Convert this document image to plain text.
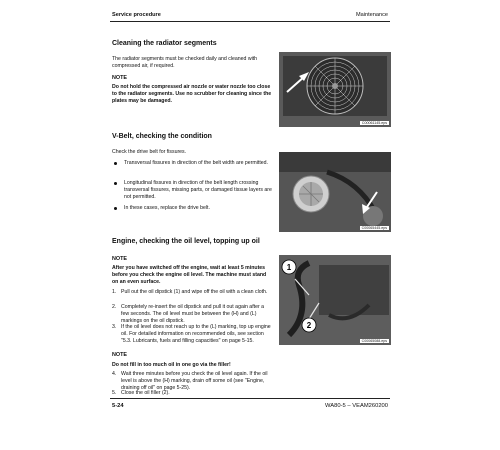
Service procedure	Maintenance
Cleaning the radiator segments
The radiator segments must be checked daily and cleaned with compressed air, if required.
NOTE
Do not hold the compressed air nozzle or water nozzle too close to the radiator segments. Use no scrubber for cleaning since the plates may be damaged.
C00061145.eps
V-Belt, checking the condition
Check the drive belt for fissures.
Transversal fissures in direction of the belt width are permitted.
Longitudinal fissures in direction of the belt length crossing transversal fissures, missing parts, or damaged tissue layers are not permitted.
In these cases, replace the drive belt.
C00065445.eps
Engine, checking the oil level, topping up oil
NOTE
After you have switched off the engine, wait at least 5 minutes before you check the engine oil level. The machine must stand on an even surface.
1. Pull out the oil dipstick (1) and wipe off the oil with a clean cloth.
2. Completely re-insert the oil dipstick and pull it out again after a few seconds. The oil level must be between the (H) and (L) markings on the oil dipstick.
3. If the oil level does not reach up to the (L) marking, top up engine oil. For detailed information on recommended oils, see section "5.3. Lubricants, fuels and filling capacities" on page 5-15.
NOTE
Do not fill in too much oil in one go via the filler!
4. Wait three minutes before you check the oil level again. If the oil level is above the (H) marking, drain off some oil (see "Engine, draining off oil" on page 5-25).
5. Close the oil filler (2).
1
2
C00065088.eps
5-24	WA80-5 – VEAM260200
